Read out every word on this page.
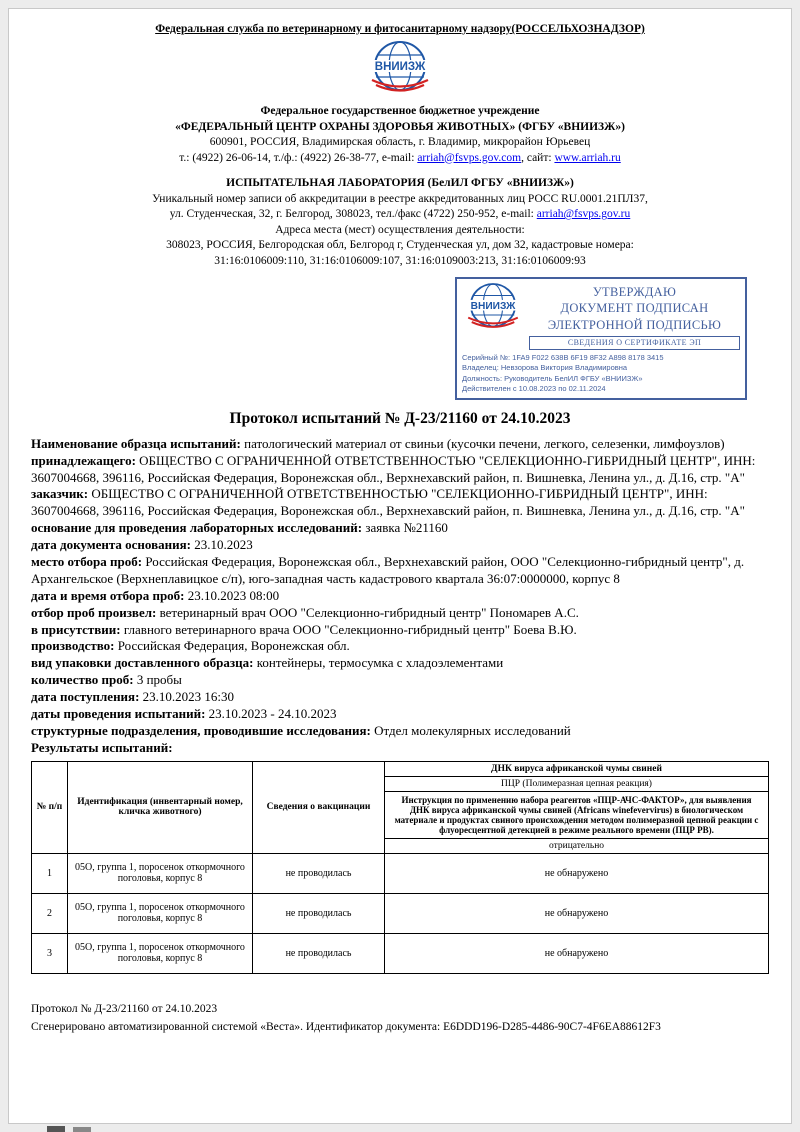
Федеральная служба по ветеринарному и фитосанитарному надзору(РОССЕЛЬХОЗНАДЗОР)
ВНИИЗЖ
Федеральное государственное бюджетное учреждение
«ФЕДЕРАЛЬНЫЙ ЦЕНТР ОХРАНЫ ЗДОРОВЬЯ ЖИВОТНЫХ» (ФГБУ «ВНИИЗЖ»)
600901, РОССИЯ, Владимирская область, г. Владимир, микрорайон Юрьевец
т.: (4922) 26-06-14, т./ф.: (4922) 26-38-77, e-mail: arriah@fsvps.gov.com, сайт: www.arriah.ru
ИСПЫТАТЕЛЬНАЯ ЛАБОРАТОРИЯ (БелИЛ ФГБУ «ВНИИЗЖ»)
Уникальный номер записи об аккредитации в реестре аккредитованных лиц РОСС RU.0001.21ПЛ37,
ул. Студенческая, 32, г. Белгород, 308023, тел./факс (4722) 250-952, e-mail: arriah@fsvps.gov.ru
Адреса места (мест) осуществления деятельности:
308023, РОССИЯ, Белгородская обл, Белгород г, Студенческая ул, дом 32, кадастровые номера:
31:16:0106009:110, 31:16:0106009:107, 31:16:0109003:213, 31:16:0106009:93
ВНИИЗЖ
УТВЕРЖДАЮ
ДОКУМЕНТ ПОДПИСАН
ЭЛЕКТРОННОЙ ПОДПИСЬЮ
СВЕДЕНИЯ О СЕРТИФИКАТЕ ЭП
Серийный №: 1FA9 F022 638B 6F19 8F32 A898 8178 3415
Владелец: Невзорова Виктория Владимировна
Должность: Руководитель БелИЛ ФГБУ «ВНИИЗЖ»
Действителен с 10.08.2023 по 02.11.2024
Протокол испытаний № Д-23/21160 от 24.10.2023

Наименование образца испытаний: патологический материал от свиньи (кусочки печени, легкого, селезенки, лимфоузлов)

принадлежащего: ОБЩЕСТВО С ОГРАНИЧЕННОЙ ОТВЕТСТВЕННОСТЬЮ "СЕЛЕКЦИОННО-ГИБРИДНЫЙ ЦЕНТР", ИНН: 3607004668, 396116, Российская Федерация, Воронежская обл., Верхнехавский район, п. Вишневка, Ленина ул., д. Д.16, стр. "А"

заказчик: ОБЩЕСТВО С ОГРАНИЧЕННОЙ ОТВЕТСТВЕННОСТЬЮ "СЕЛЕКЦИОННО-ГИБРИДНЫЙ ЦЕНТР", ИНН: 3607004668, 396116, Российская Федерация, Воронежская обл., Верхнехавский район, п. Вишневка, Ленина ул., д. Д.16, стр. "А"

основание для проведения лабораторных исследований: заявка №21160

дата документа основания: 23.10.2023

место отбора проб: Российская Федерация, Воронежская обл., Верхнехавский район, ООО "Селекционно-гибридный центр", д. Архангельское (Верхнеплавицкое с/п), юго-западная часть кадастрового квартала 36:07:0000000, корпус 8

дата и время отбора проб: 23.10.2023 08:00

отбор проб произвел: ветеринарный врач ООО "Селекционно-гибридный центр" Пономарев А.С.

в присутствии: главного ветеринарного врача ООО "Селекционно-гибридный центр" Боева В.Ю.

производство: Российская Федерация, Воронежская обл.

вид упаковки доставленного образца: контейнеры, термосумка с хладоэлементами

количество проб: 3 пробы

дата поступления: 23.10.2023 16:30

даты проведения испытаний: 23.10.2023 - 24.10.2023

структурные подразделения, проводившие исследования: Отдел молекулярных исследований

Результаты испытаний:

№ п/п	Идентификация (инвентарный номер, кличка животного)	Сведения о вакцинации	ДНК вируса африканской чумы свиней
			ПЦР (Полимеразная цепная реакция)
			Инструкция по применению набора реагентов «ПЦР-АЧС-ФАКТОР», для выявления ДНК вируса африканской чумы свиней (Africans winefevervirus) в биологическом материале и продуктах свиного происхождения методом полимеразной цепной реакции с флуоресцентной детекцией в режиме реального времени (ПЦР РВ).
			отрицательно
1	05О, группа 1, поросенок откормочного поголовья, корпус 8	не проводилась	не обнаружено
2	05О, группа 1, поросенок откормочного поголовья, корпус 8	не проводилась	не обнаружено
3	05О, группа 1, поросенок откормочного поголовья, корпус 8	не проводилась	не обнаружено
Протокол № Д-23/21160 от 24.10.2023
Сгенерировано автоматизированной системой «Веста». Идентификатор документа: E6DDD196-D285-4486-90C7-4F6EA88612F3
